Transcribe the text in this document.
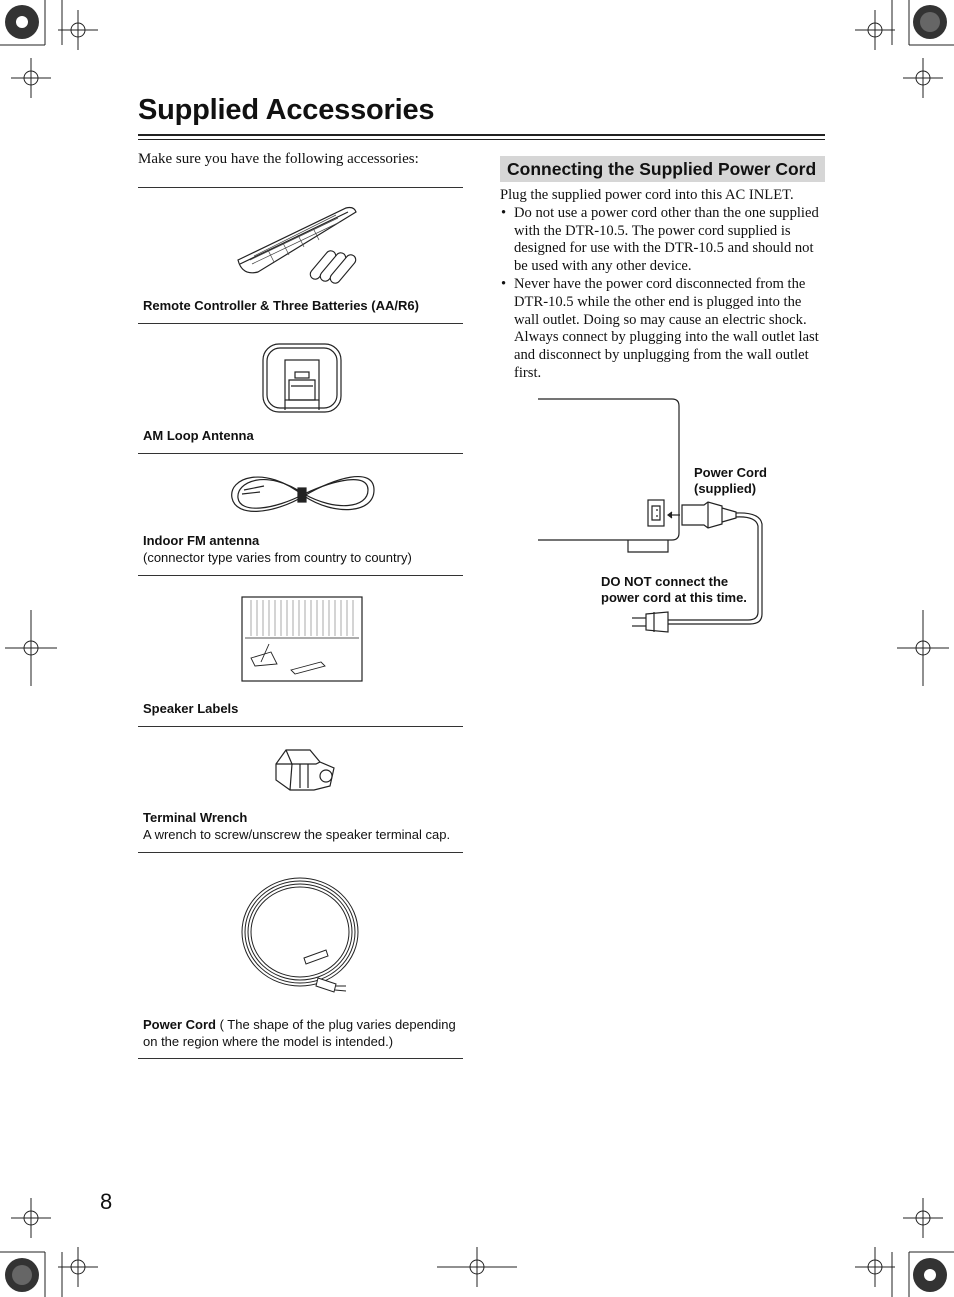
Supplied Accessories
Make sure you have the following accessories:
Remote Controller & Three Batteries (AA/R6)
AM Loop Antenna
Indoor FM antenna
(connector type varies from country to country)
Speaker Labels
Terminal Wrench
A wrench to screw/unscrew the speaker terminal cap.
Power Cord ( The shape of the plug varies depending on the region where the model is intended.)
Connecting the Supplied Power Cord
Plug the supplied power cord into this AC INLET.
• Do not use a power cord other than the one supplied with the DTR-10.5. The power cord supplied is designed for use with the DTR-10.5 and should not be used with any other device.
• Never have the power cord disconnected from the DTR-10.5 while the other end is plugged into the wall outlet. Doing so may cause an electric shock. Always connect by plugging into the wall outlet last and disconnect by unplugging from the wall outlet first.
Power Cord
(supplied)
DO NOT connect the
power cord at this time.
8
